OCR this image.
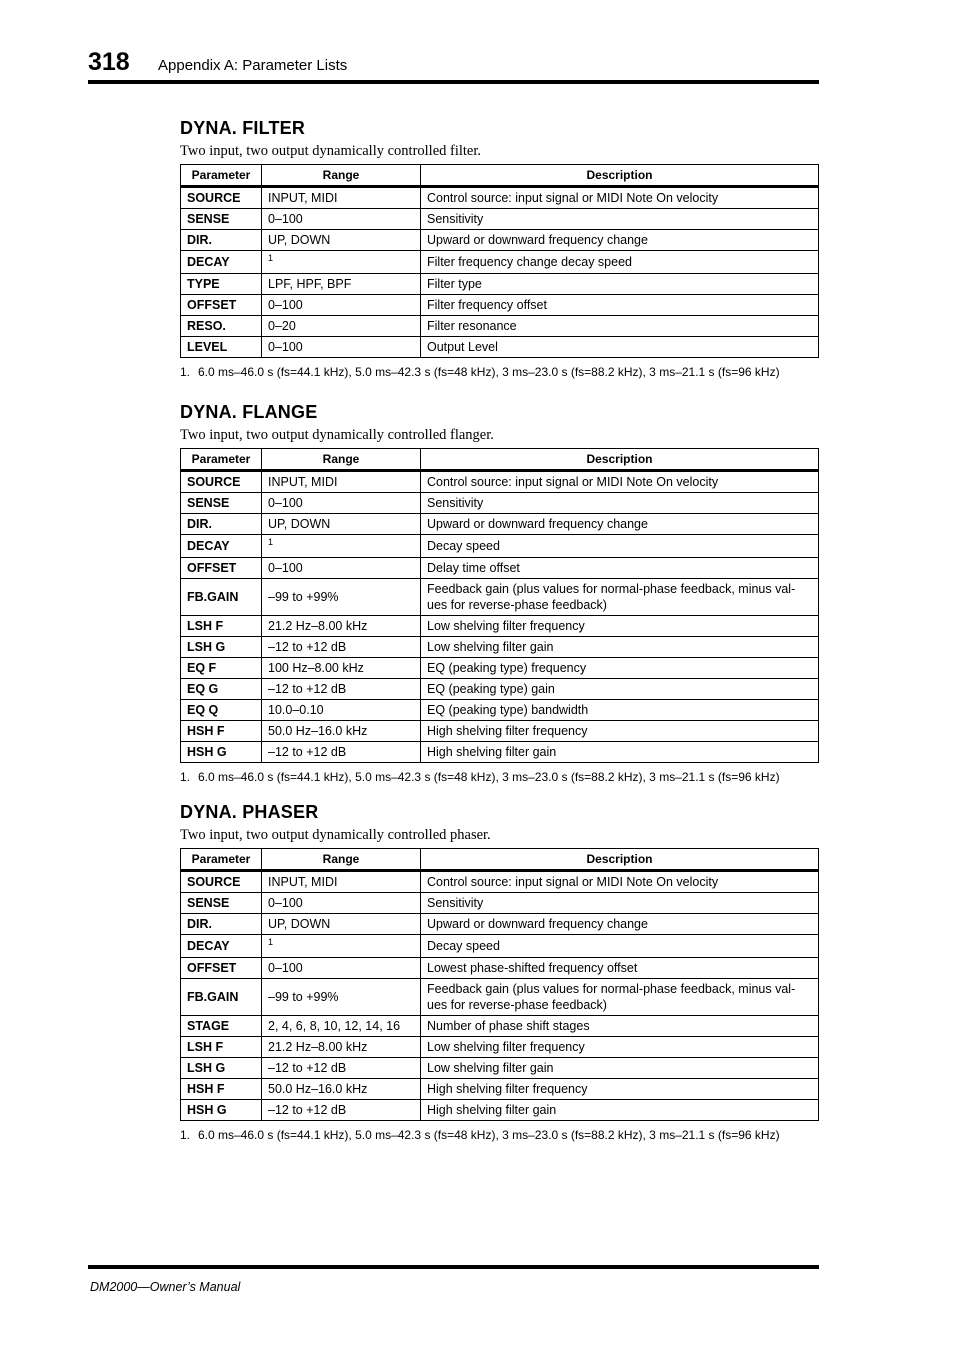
318 Appendix A: Parameter Lists
DYNA. FILTER

Two input, two output dynamically controlled filter.

Parameter	Range	Description
SOURCE	INPUT, MIDI	Control source: input signal or MIDI Note On velocity
SENSE	0–100	Sensitivity
DIR.	UP, DOWN	Upward or downward frequency change
DECAY	$^1$	Filter frequency change decay speed
TYPE	LPF, HPF, BPF	Filter type
OFFSET	0–100	Filter frequency offset
RESO.	0–20	Filter resonance
LEVEL	0–100	Output Level
1. 6.0 ms–46.0 s (fs=44.1 kHz), 5.0 ms–42.3 s (fs=48 kHz), 3 ms–23.0 s (fs=88.2 kHz), 3 ms–21.1 s (fs=96 kHz)
DYNA. FLANGE

Two input, two output dynamically controlled flanger.

Parameter	Range	Description
SOURCE	INPUT, MIDI	Control source: input signal or MIDI Note On velocity
SENSE	0–100	Sensitivity
DIR.	UP, DOWN	Upward or downward frequency change
DECAY	$^1$	Decay speed
OFFSET	0–100	Delay time offset
FB.GAIN	–99 to +99%	Feedback gain (plus values for normal-phase feedback, minus val-ues for reverse-phase feedback)
LSH F	21.2 Hz–8.00 kHz	Low shelving filter frequency
LSH G	–12 to +12 dB	Low shelving filter gain
EQ F	100 Hz–8.00 kHz	EQ (peaking type) frequency
EQ G	–12 to +12 dB	EQ (peaking type) gain
EQ Q	10.0–0.10	EQ (peaking type) bandwidth
HSH F	50.0 Hz–16.0 kHz	High shelving filter frequency
HSH G	–12 to +12 dB	High shelving filter gain
1. 6.0 ms–46.0 s (fs=44.1 kHz), 5.0 ms–42.3 s (fs=48 kHz), 3 ms–23.0 s (fs=88.2 kHz), 3 ms–21.1 s (fs=96 kHz)
DYNA. PHASER

Two input, two output dynamically controlled phaser.

Parameter	Range	Description
SOURCE	INPUT, MIDI	Control source: input signal or MIDI Note On velocity
SENSE	0–100	Sensitivity
DIR.	UP, DOWN	Upward or downward frequency change
DECAY	$^1$	Decay speed
OFFSET	0–100	Lowest phase-shifted frequency offset
FB.GAIN	–99 to +99%	Feedback gain (plus values for normal-phase feedback, minus val-ues for reverse-phase feedback)
STAGE	2, 4, 6, 8, 10, 12, 14, 16	Number of phase shift stages
LSH F	21.2 Hz–8.00 kHz	Low shelving filter frequency
LSH G	–12 to +12 dB	Low shelving filter gain
HSH F	50.0 Hz–16.0 kHz	High shelving filter frequency
HSH G	–12 to +12 dB	High shelving filter gain
1. 6.0 ms–46.0 s (fs=44.1 kHz), 5.0 ms–42.3 s (fs=48 kHz), 3 ms–23.0 s (fs=88.2 kHz), 3 ms–21.1 s (fs=96 kHz)
DM2000—Owner’s Manual
